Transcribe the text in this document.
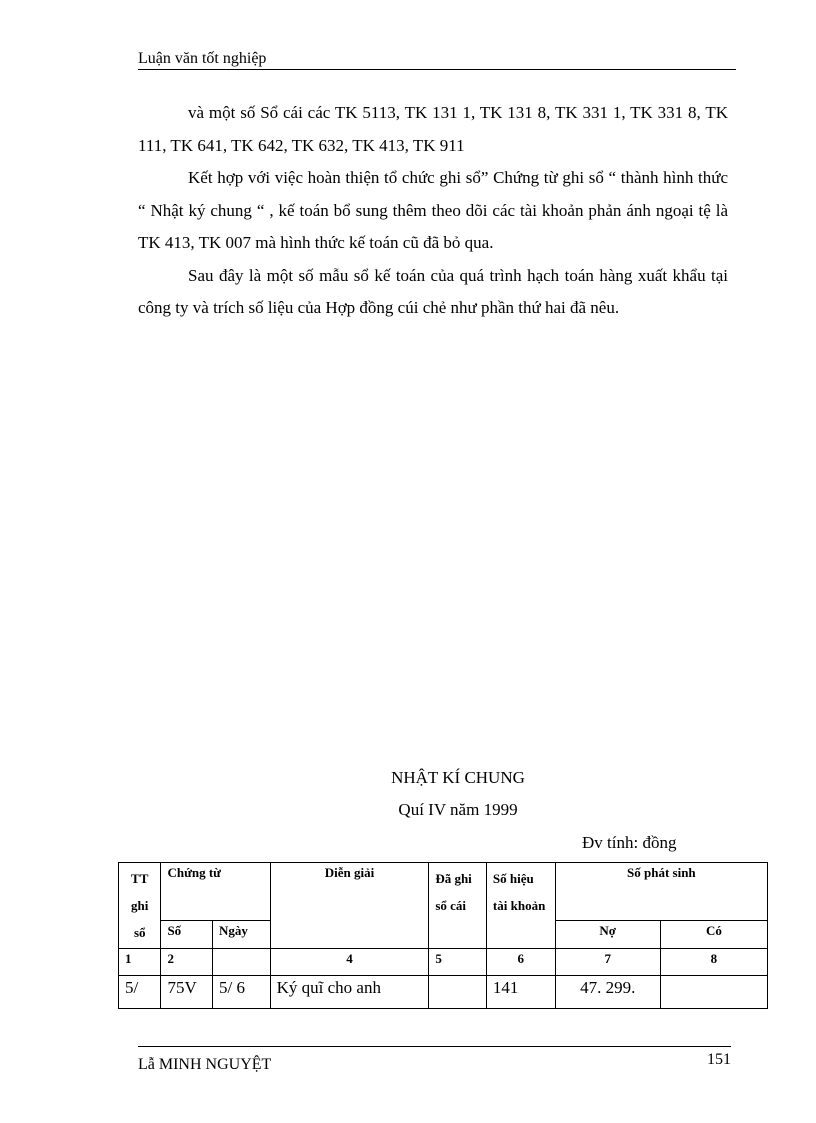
Luận văn tốt nghiệp

và một số Sổ cái các TK 5113, TK 131 1, TK 131 8, TK 331 1, TK 331 8, TK 111, TK 641, TK 642, TK 632, TK 413, TK 911

Kết hợp với việc hoàn thiện tổ chức ghi sổ” Chứng từ ghi sổ “ thành hình thức “ Nhật ký chung “ , kế toán bổ sung thêm theo dõi các tài khoản phản ánh ngoại tệ là TK 413, TK 007 mà hình thức kế toán cũ đã bỏ qua.

Sau đây là một số mẫu sổ kế toán của quá trình hạch toán hàng xuất khẩu tại công ty và trích số liệu của Hợp đồng cúi chẻ như phần thứ hai đã nêu.

NHẬT KÍ CHUNG
Quí IV năm 1999
Đv tính: đồng
TT ghi sổ	Chứng từ		Diễn giải	Đã ghi sổ cái	Số hiệu tài khoản	Số phát sinh	
	Số	Ngày				Nợ	Có
1	2		4	5	6	7	8
5/	75V	5/ 6	Ký quĩ cho anh		141	47. 299.	
Lẫ MINH NGUYỆT	151
